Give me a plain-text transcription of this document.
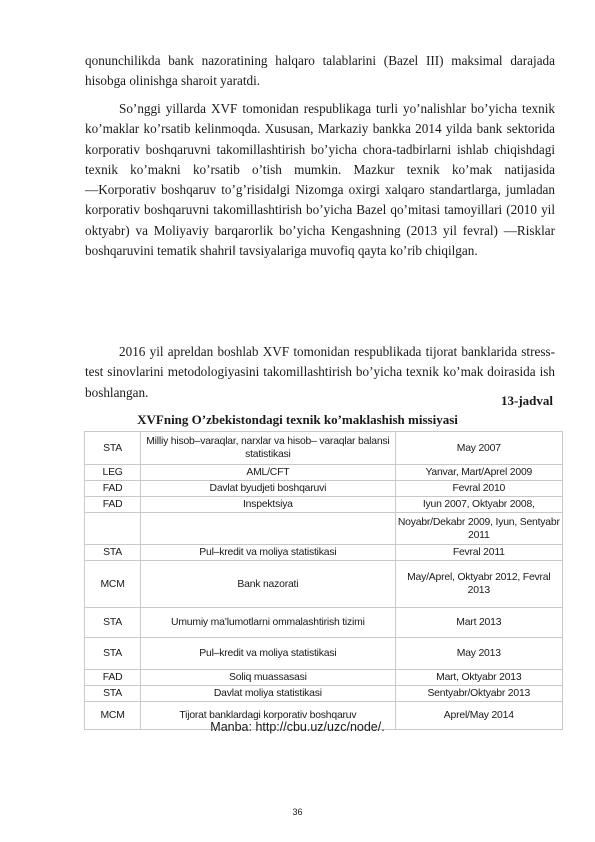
qonunchilikda bank nazoratining halqaro talablarini (Bazel III) maksimal darajada hisobga olinishga sharoit yaratdi.

So’nggi yillarda XVF tomonidan respublikaga turli yo’nalishlar bo’yicha texnik ko’maklar ko’rsatib kelinmoqda. Xususan, Markaziy bankka 2014 yilda bank sektorida korporativ boshqaruvni takomillashtirish bo’yicha chora-tadbirlarni ishlab chiqishdagi texnik ko’makni ko’rsatib o’tish mumkin. Mazkur texnik ko’mak natijasida ―Korporativ boshqaruv to’g’risida‖gi Nizomga oxirgi xalqaro standartlarga, jumladan korporativ boshqaruvni takomillashtirish bo’yicha Bazel qo’mitasi tamoyillari (2010 yil oktyabr) va Moliyaviy barqarorlik bo’yicha Kengashning (2013 yil fevral) ―Risklar boshqaruvini tematik shahri‖ tavsiyalariga muvofiq qayta ko’rib chiqilgan.

2016 yil apreldan boshlab XVF tomonidan respublikada tijorat banklarida stress-test sinovlarini metodologiyasini takomillashtirish bo’yicha texnik ko’mak doirasida ish boshlangan.

13-jadval
XVFning O’zbekistondagi texnik ko’maklashish missiyasi
STA	Milliy hisob–varaqlar, narxlar va hisob– varaqlar balansi statistikasi	May 2007
LEG	AML/CFT	Yanvar, Mart/Aprel 2009
FAD	Davlat byudjeti boshqaruvi	Fevral 2010
FAD	Inspektsiya	Iyun 2007, Oktyabr 2008,
		Noyabr/Dekabr 2009, Iyun, Sentyabr 2011
STA	Pul–kredit va moliya statistikasi	Fevral 2011
MCM	Bank nazorati	May/Aprel, Oktyabr 2012, Fevral 2013
STA	Umumiy ma’lumotlarni ommalashtirish tizimi	Mart 2013
STA	Pul–kredit va moliya statistikasi	May 2013
FAD	Soliq muassasasi	Mart, Oktyabr 2013
STA	Davlat moliya statistikasi	Sentyabr/Oktyabr 2013
MCM	Tijorat banklardagi korporativ boshqaruv	Aprel/May 2014
Manba: http://cbu.uz/uzc/node/.
36
